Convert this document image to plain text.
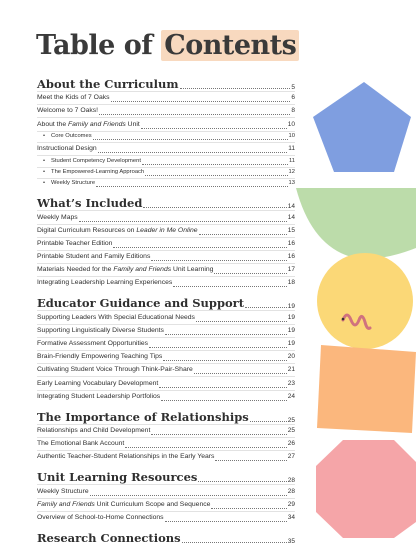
Table of Contents
About the Curriculum	5
Meet the Kids of 7 Oaks	6
Welcome to 7 Oaks!	8
About the Family and Friends Unit	10
• Core Outcomes	10
Instructional Design	11
• Student Competency Development	11
• The Empowered-Learning Approach	12
• Weekly Structure	13
What’s Included	14
Weekly Maps	14
Digital Curriculum Resources on Leader in Me Online	15
Printable Teacher Edition	16
Printable Student and Family Editions	16
Materials Needed for the Family and Friends Unit Learning	17
Integrating Leadership Learning Experiences	18
Educator Guidance and Support	19
Supporting Leaders With Special Educational Needs	19
Supporting Linguistically Diverse Students	19
Formative Assessment Opportunities	19
Brain-Friendly Empowering Teaching Tips	20
Cultivating Student Voice Through Think-Pair-Share	21
Early Learning Vocabulary Development	23
Integrating Student Leadership Portfolios	24
The Importance of Relationships	25
Relationships and Child Development	25
The Emotional Bank Account	26
Authentic Teacher-Student Relationships in the Early Years	27
Unit Learning Resources	28
Weekly Structure	28
Family and Friends Unit Curriculum Scope and Sequence	29
Overview of School-to-Home Connections	34
Research Connections	35
